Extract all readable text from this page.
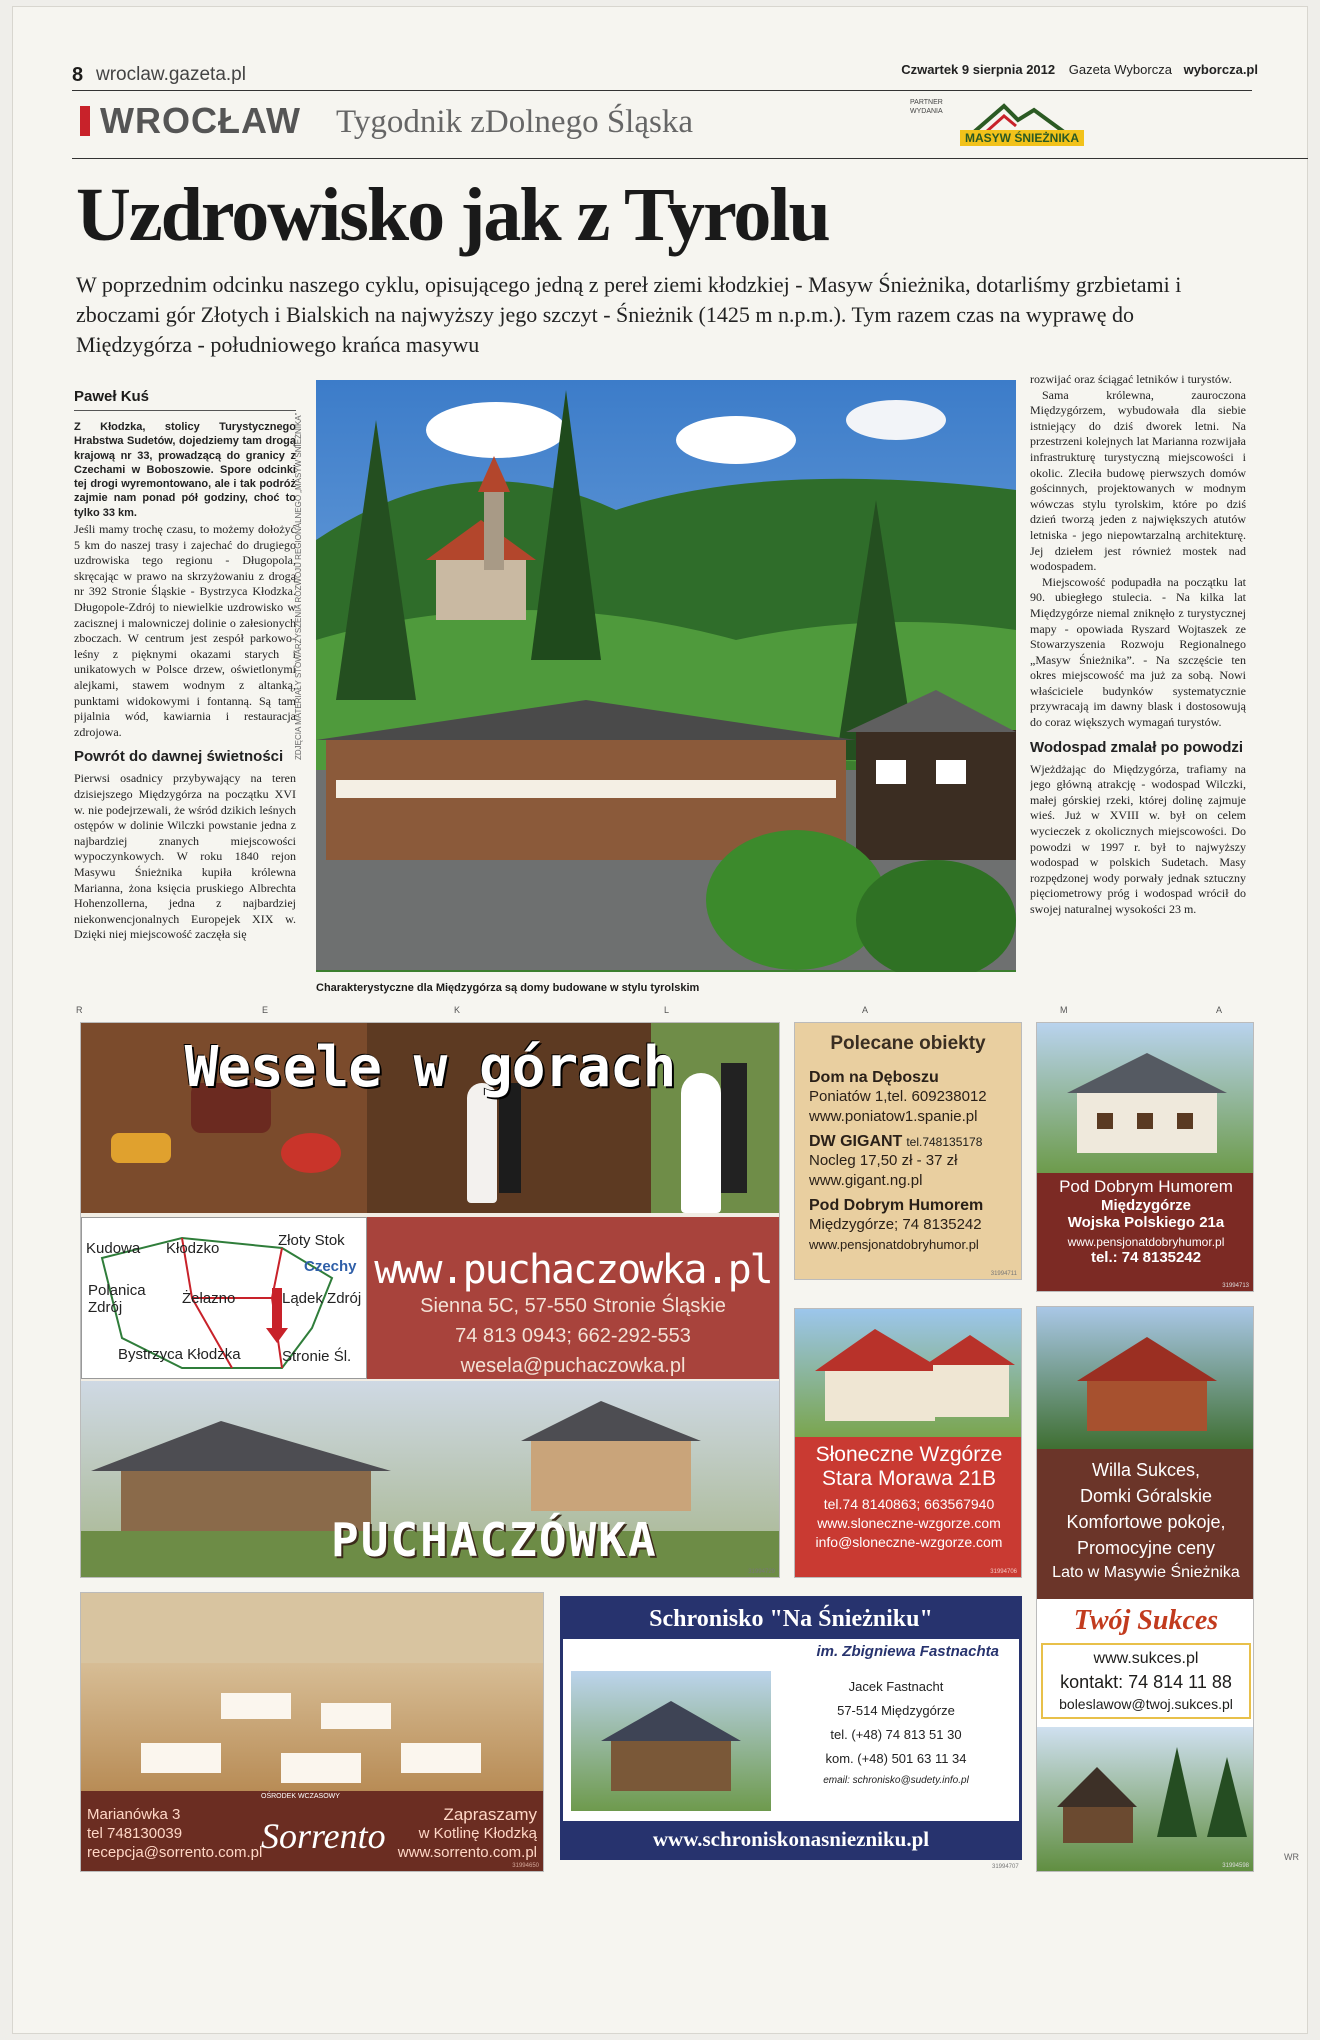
8 wroclaw.gazeta.pl	Czwartek 9 sierpnia 2012 Gazeta Wyborcza wyborcza.pl
WROCŁAW Tygodnik zDolnego Śląska
PARTNER WYDANIA
MASYW ŚNIEŻNIKA
Uzdrowisko jak z Tyrolu
W poprzednim odcinku naszego cyklu, opisującego jedną z pereł ziemi kłodzkiej - Masyw Śnieżnika, dotarliśmy grzbietami i zboczami gór Złotych i Bialskich na najwyższy jego szczyt - Śnieżnik (1425 m n.p.m.). Tym razem czas na wyprawę do Międzygórza - południowego krańca masywu
Paweł Kuś
Z Kłodzka, stolicy Turystycznego Hrabstwa Sudetów, dojedziemy tam drogą krajową nr 33, prowadzącą do granicy z Czechami w Boboszowie. Spore odcinki tej drogi wyremontowano, ale i tak podróż zajmie nam ponad pół godziny, choć to tylko 33 km.

Jeśli mamy trochę czasu, to możemy dołożyć 5 km do naszej trasy i zajechać do drugiego uzdrowiska tego regionu - Długopola, skręcając w prawo na skrzyżowaniu z drogą nr 392 Stronie Śląskie - Bystrzyca Kłodzka. Długopole-Zdrój to niewielkie uzdrowisko w zacisznej i malowniczej dolinie o załesionych zboczach. W centrum jest zespół parkowo-leśny z pięknymi okazami starych i unikatowych w Polsce drzew, oświetlonymi alejkami, stawem wodnym z altanką, punktami widokowymi i fontanną. Są tam pijalnia wód, kawiarnia i restauracja zdrojowa.

Powrót do dawnej świetności

Pierwsi osadnicy przybywający na teren dzisiejszego Międzygórza na początku XVI w. nie podejrzewali, że wśród dzikich leśnych ostępów w dolinie Wilczki powstanie jedna z najbardziej znanych miejscowości wypoczynkowych. W roku 1840 rejon Masywu Śnieżnika kupiła królewna Marianna, żona księcia pruskiego Albrechta Hohenzollerna, jedna z najbardziej niekonwencjonalnych Europejek XIX w. Dzięki niej miejscowość zaczęła się

ZDJĘCIA MATERIAŁY STOWARZYSZENIA ROZWOJU REGIONALNEGO „MASYW ŚNIEŻNIKA”
Charakterystyczne dla Międzygórza są domy budowane w stylu tyrolskim

rozwijać oraz ściągać letników i turystów.

Sama królewna, zauroczona Międzygórzem, wybudowała dla siebie istniejący do dziś dworek letni. Na przestrzeni kolejnych lat Marianna rozwijała infrastrukturę turystyczną miejscowości i okolic. Zleciła budowę pierwszych domów gościnnych, projektowanych w modnym wówczas stylu tyrolskim, które po dziś dzień tworzą jeden z największych atutów letniska - jego niepowtarzalną architekturę. Jej dziełem jest również mostek nad wodospadem.

Miejscowość podupadła na początku lat 90. ubiegłego stulecia. - Na kilka lat Międzygórze niemal zniknęło z turystycznej mapy - opowiada Ryszard Wojtaszek ze Stowarzyszenia Rozwoju Regionalnego „Masyw Śnieżnika”. - Na szczęście ten okres miejscowość ma już za sobą. Nowi właściciele budynków systematycznie przywracają im dawny blask i dostosowują do coraz większych wymagań turystów.

Wodospad zmalał po powodzi

Wjeżdżając do Międzygórza, trafiamy na jego główną atrakcję - wodospad Wilczki, małej górskiej rzeki, której dolinę zajmuje wieś. Już w XVIII w. był on celem wycieczek z okolicznych miejscowości. Do powodzi w 1997 r. był to najwyższy wodospad w polskich Sudetach. Masy rozpędzonej wody porwały jednak sztuczny pięciometrowy próg i wodospad wrócił do swojej naturalnej wysokości 23 m.

R	E	K	L	A	M	A
Wesele w górach
Kudowa Kłodzko	Złoty Stok
Czechy
Polanica Zdrój
Żelazno	Lądek Zdrój
Bystrzyca Kłodzka	Stronie Śl.
www.puchaczowka.pl
Sienna 5C, 57-550 Stronie Śląskie
74 813 0943; 662-292-553
wesela@puchaczowka.pl
PUCHACZÓWKA
31994729
Polecane obiekty
Dom na Dęboszu
Poniatów 1,tel. 609238012
www.poniatow1.spanie.pl
DW GIGANT tel.748135178
Nocleg 17,50 zł - 37 zł
www.gigant.ng.pl
Pod Dobrym Humorem
Międzygórze; 74 8135242
www.pensjonatdobryhumor.pl
31994711
Pod Dobrym Humorem
Międzygórze
Wojska Polskiego 21a
www.pensjonatdobryhumor.pl
tel.: 74 8135242
31994713
Słoneczne Wzgórze
Stara Morawa 21B
tel.74 8140863; 663567940
www.sloneczne-wzgorze.com
info@sloneczne-wzgorze.com
31994706
Willa Sukces,
Domki Góralskie
Komfortowe pokoje,
Promocyjne ceny
Lato w Masywie Śnieżnika
Twój Sukces
www.sukces.pl
kontakt: 74 814 11 88
boleslawow@twoj.sukces.pl
31994598
OŚRODEK WCZASOWY
Marianówka 3
tel 748130039
recepcja@sorrento.com.pl
Sorrento
Zapraszamy
w Kotlinę Kłodzką
www.sorrento.com.pl
31994650
Schronisko "Na Śnieżniku"
im. Zbigniewa Fastnachta
Jacek Fastnacht
57-514 Międzygórze
tel. (+48) 74 813 51 30
kom. (+48) 501 63 11 34
email: schronisko@sudety.info.pl
www.schroniskonasniezniku.pl
31994707
WR
